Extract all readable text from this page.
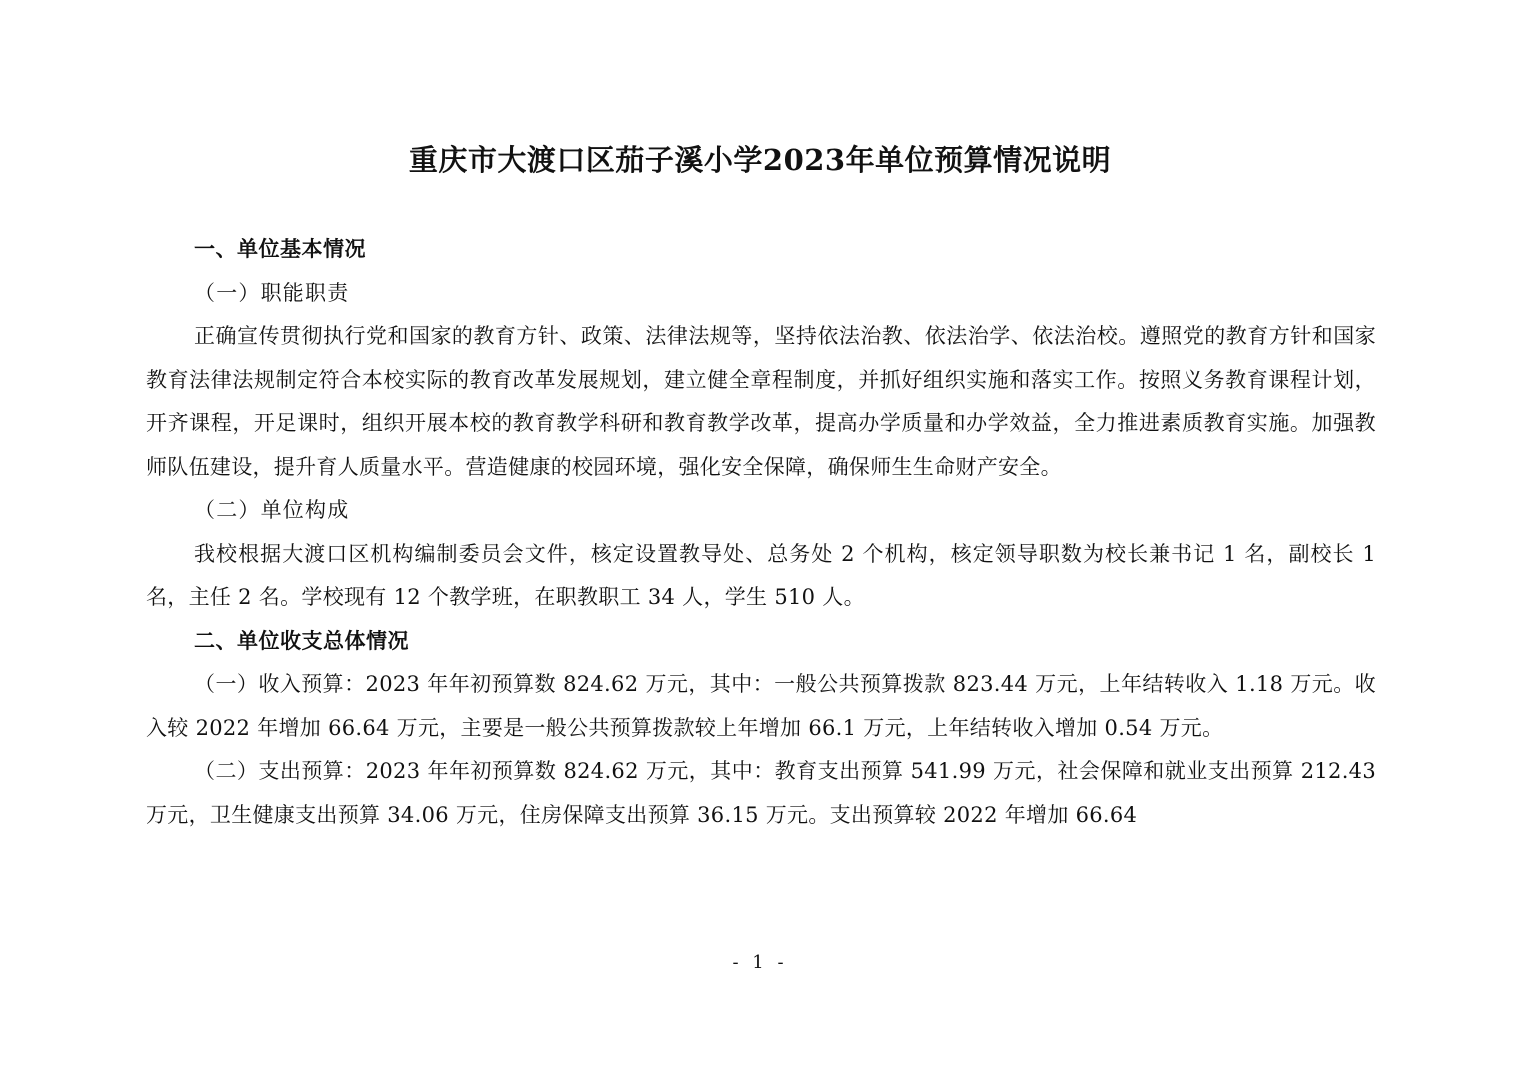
重庆市大渡口区茄子溪小学2023年单位预算情况说明

一、单位基本情况

（一）职能职责

正确宣传贯彻执行党和国家的教育方针、政策、法律法规等，坚持依法治教、依法治学、依法治校。遵照党的教育方针和国家教育法律法规制定符合本校实际的教育改革发展规划，建立健全章程制度，并抓好组织实施和落实工作。按照义务教育课程计划，开齐课程，开足课时，组织开展本校的教育教学科研和教育教学改革，提高办学质量和办学效益，全力推进素质教育实施。加强教师队伍建设，提升育人质量水平。营造健康的校园环境，强化安全保障，确保师生生命财产安全。

（二）单位构成

我校根据大渡口区机构编制委员会文件，核定设置教导处、总务处 2 个机构，核定领导职数为校长兼书记 1 名，副校长 1 名，主任 2 名。学校现有 12 个教学班，在职教职工 34 人，学生 510 人。

二、单位收支总体情况

（一）收入预算：2023 年年初预算数 824.62 万元，其中：一般公共预算拨款 823.44 万元，上年结转收入 1.18 万元。收入较 2022 年增加 66.64 万元，主要是一般公共预算拨款较上年增加 66.1 万元，上年结转收入增加 0.54 万元。

（二）支出预算：2023 年年初预算数 824.62 万元，其中：教育支出预算 541.99 万元，社会保障和就业支出预算 212.43 万元，卫生健康支出预算 34.06 万元，住房保障支出预算 36.15 万元。支出预算较 2022 年增加 66.64

- 1 -
